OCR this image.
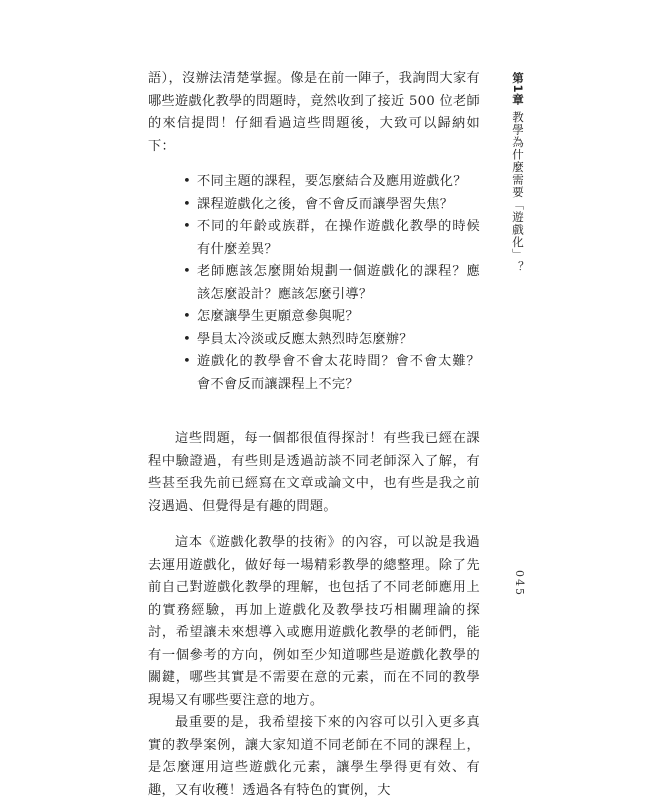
語），沒辦法清楚掌握。像是在前一陣子，我詢問大家有哪些遊戲化教學的問題時，竟然收到了接近 500 位老師的來信提問！仔細看過這些問題後，大致可以歸納如下：

• 不同主題的課程，要怎麼結合及應用遊戲化？
• 課程遊戲化之後，會不會反而讓學習失焦？
• 不同的年齡或族群，在操作遊戲化教學的時候有什麼差異？
• 老師應該怎麼開始規劃一個遊戲化的課程？應該怎麼設計？應該怎麼引導？
• 怎麼讓學生更願意參與呢？
• 學員太冷淡或反應太熱烈時怎麼辦？
• 遊戲化的教學會不會太花時間？會不會太難？會不會反而讓課程上不完？

這些問題，每一個都很值得探討！有些我已經在課程中驗證過，有些則是透過訪談不同老師深入了解，有些甚至我先前已經寫在文章或論文中，也有些是我之前沒遇過、但覺得是有趣的問題。

這本《遊戲化教學的技術》的內容，可以說是我過去運用遊戲化，做好每一場精彩教學的總整理。除了先前自己對遊戲化教學的理解，也包括了不同老師應用上的實務經驗，再加上遊戲化及教學技巧相關理論的探討，希望讓未來想導入或應用遊戲化教學的老師們，能有一個參考的方向，例如至少知道哪些是遊戲化教學的關鍵，哪些其實是不需要在意的元素，而在不同的教學現場又有哪些要注意的地方。

最重要的是，我希望接下來的內容可以引入更多真實的教學案例，讓大家知道不同老師在不同的課程上，是怎麼運用這些遊戲化元素，讓學生學得更有效、有趣，又有收穫！透過各有特色的實例，大

第1章 教學為什麼需要「遊戲化」？
045
